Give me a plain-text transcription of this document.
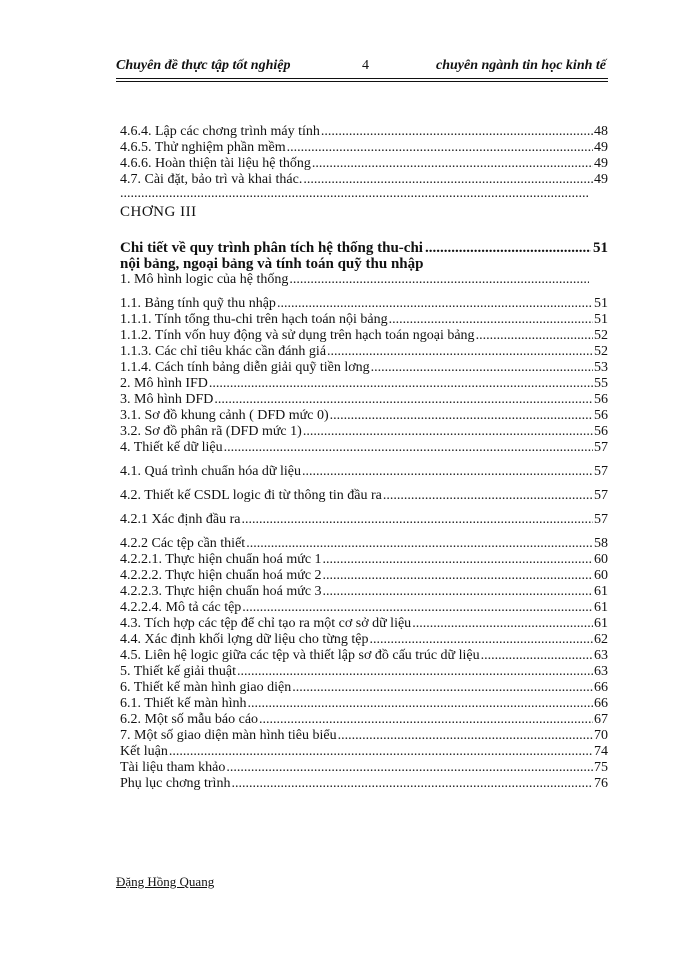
Chuyên đề thực tập tốt nghiệp	4	chuyên ngành tin học kinh tế
4.6.4. Lập các chơng trình máy tính .....	48
4.6.5. Thử nghiệm phần mềm .....	49
4.6.6. Hoàn thiện tài liệu hệ thống .....	49
4.7. Cài đặt, bảo trì và khai thác. .....	49
.....
CHƠNG III
Chi tiết về quy trình phân tích hệ thống thu-chi .....	51
nội bảng, ngoại bảng và tính toán quỹ thu nhập
1. Mô hình logic của hệ thống
.....
1.1. Bảng tính quỹ thu nhập .....	51
1.1.1. Tính tổng thu-chi trên hạch toán nội bảng .....	51
1.1.2. Tính vốn huy động và sử dụng trên hạch toán ngoại bảng .....	52
1.1.3. Các chỉ tiêu khác cần đánh giá .....	52
1.1.4. Cách tính bảng diễn giải quỹ tiền lơng .....	53
2. Mô hình IFD .....	55
3. Mô hình DFD .....	56
3.1. Sơ đồ khung cảnh ( DFD mức 0) .....	56
3.2. Sơ đồ phân rã (DFD mức 1) .....	56
4. Thiết kế dữ liệu .....	57
4.1. Quá trình chuẩn hóa dữ liệu .....	57
4.2. Thiết kế CSDL logic đi từ thông tin đầu ra .....	57
4.2.1 Xác định đầu ra .....	57
4.2.2 Các tệp cần thiết .....	58
4.2.2.1. Thực hiện chuẩn hoá mức 1 .....	60
4.2.2.2. Thực hiện chuẩn hoá mức 2 .....	60
4.2.2.3. Thực hiện chuẩn hoá mức 3 .....	61
4.2.2.4. Mô tả các tệp .....	61
4.3. Tích hợp các tệp để chỉ tạo ra một cơ sở dữ liệu .....	61
4.4. Xác định khối lợng dữ liệu cho từng tệp .....	62
4.5. Liên hệ logic giữa các tệp và thiết lập sơ đồ cấu trúc dữ liệu .....	63
5. Thiết kế giải thuật .....	63
6. Thiết kế màn hình giao diện .....	66
6.1. Thiết kế màn hình .....	66
6.2. Một số mẫu báo cáo .....	67
7. Một số giao diện màn hình tiêu biểu .....	70
Kết luận .....	74
Tài liệu tham khảo .....	75
Phụ lục chơng trình .....	76
Đặng Hồng Quang
